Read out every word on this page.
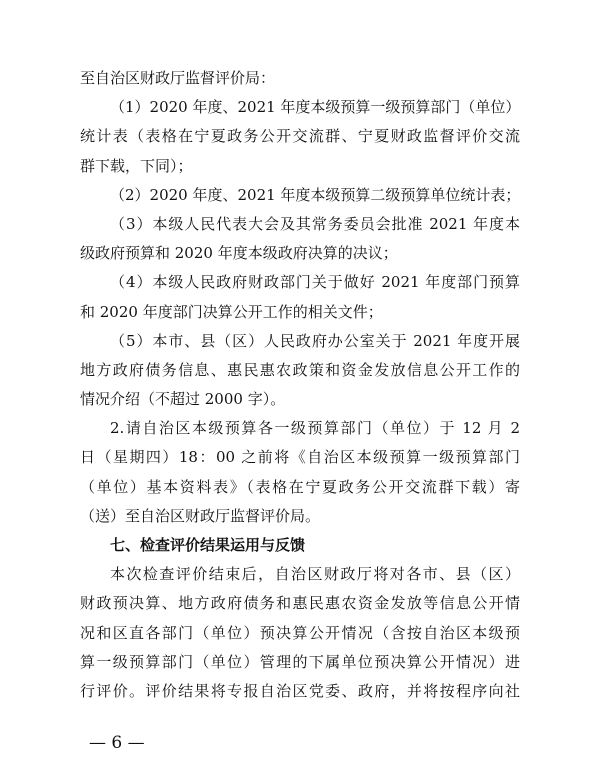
至自治区财政厅监督评价局：
（1）2020 年度、2021 年度本级预算一级预算部门（单位）
统计表（表格在宁夏政务公开交流群、宁夏财政监督评价交流
群下载，下同）；
（2）2020 年度、2021 年度本级预算二级预算单位统计表；
（3）本级人民代表大会及其常务委员会批准 2021 年度本
级政府预算和 2020 年度本级政府决算的决议；
（4）本级人民政府财政部门关于做好 2021 年度部门预算
和 2020 年度部门决算公开工作的相关文件；
（5）本市、县（区）人民政府办公室关于 2021 年度开展
地方政府债务信息、惠民惠农政策和资金发放信息公开工作的
情况介绍（不超过 2000 字）。
2.请自治区本级预算各一级预算部门（单位）于 12 月 2
日（星期四）18：00 之前将《自治区本级预算一级预算部门
（单位）基本资料表》（表格在宁夏政务公开交流群下载）寄
（送）至自治区财政厅监督评价局。
七、检查评价结果运用与反馈
本次检查评价结束后，自治区财政厅将对各市、县（区）
财政预决算、地方政府债务和惠民惠农资金发放等信息公开情
况和区直各部门（单位）预决算公开情况（含按自治区本级预
算一级预算部门（单位）管理的下属单位预决算公开情况）进
行评价。评价结果将专报自治区党委、政府，并将按程序向社
— 6 —
